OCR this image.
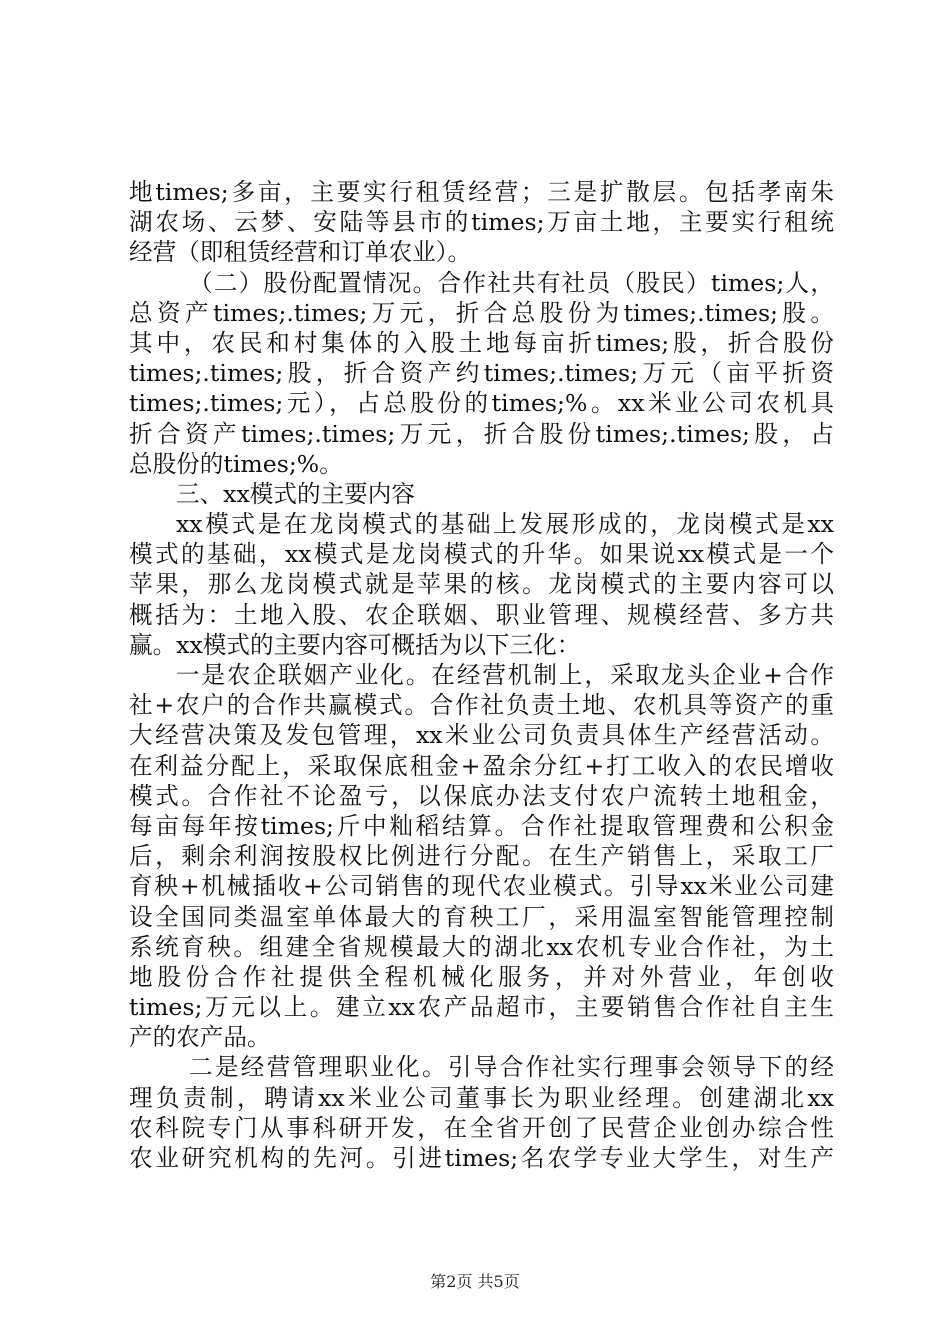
地times;多亩，主要实行租赁经营；三是扩散层。包括孝南朱
湖农场、云梦、安陆等县市的times;万亩土地，主要实行租统
经营（即租赁经营和订单农业）。
（二）股份配置情况。合作社共有社员（股民）times;人，
总资产times;.times;万元，折合总股份为times;.times;股。
其中，农民和村集体的入股土地每亩折times;股，折合股份
times;.times;股，折合资产约times;.times;万元（亩平折资
times;.times;元），占总股份的times;%。xx米业公司农机具
折合资产times;.times;万元，折合股份times;.times;股，占
总股份的times;%。
三、xx模式的主要内容
xx模式是在龙岗模式的基础上发展形成的，龙岗模式是xx
模式的基础，xx模式是龙岗模式的升华。如果说xx模式是一个
苹果，那么龙岗模式就是苹果的核。龙岗模式的主要内容可以
概括为：土地入股、农企联姻、职业管理、规模经营、多方共
赢。xx模式的主要内容可概括为以下三化：
一是农企联姻产业化。在经营机制上，采取龙头企业+合作
社+农户的合作共赢模式。合作社负责土地、农机具等资产的重
大经营决策及发包管理，xx米业公司负责具体生产经营活动。
在利益分配上，采取保底租金+盈余分红+打工收入的农民增收
模式。合作社不论盈亏，以保底办法支付农户流转土地租金，
每亩每年按times;斤中籼稻结算。合作社提取管理费和公积金
后，剩余利润按股权比例进行分配。在生产销售上，采取工厂
育秧+机械插收+公司销售的现代农业模式。引导xx米业公司建
设全国同类温室单体最大的育秧工厂，采用温室智能管理控制
系统育秧。组建全省规模最大的湖北xx农机专业合作社，为土
地股份合作社提供全程机械化服务，并对外营业，年创收
times;万元以上。建立xx农产品超市，主要销售合作社自主生
产的农产品。
二是经营管理职业化。引导合作社实行理事会领导下的经
理负责制，聘请xx米业公司董事长为职业经理。创建湖北xx
农科院专门从事科研开发，在全省开创了民营企业创办综合性
农业研究机构的先河。引进times;名农学专业大学生，对生产
第2页 共5页
